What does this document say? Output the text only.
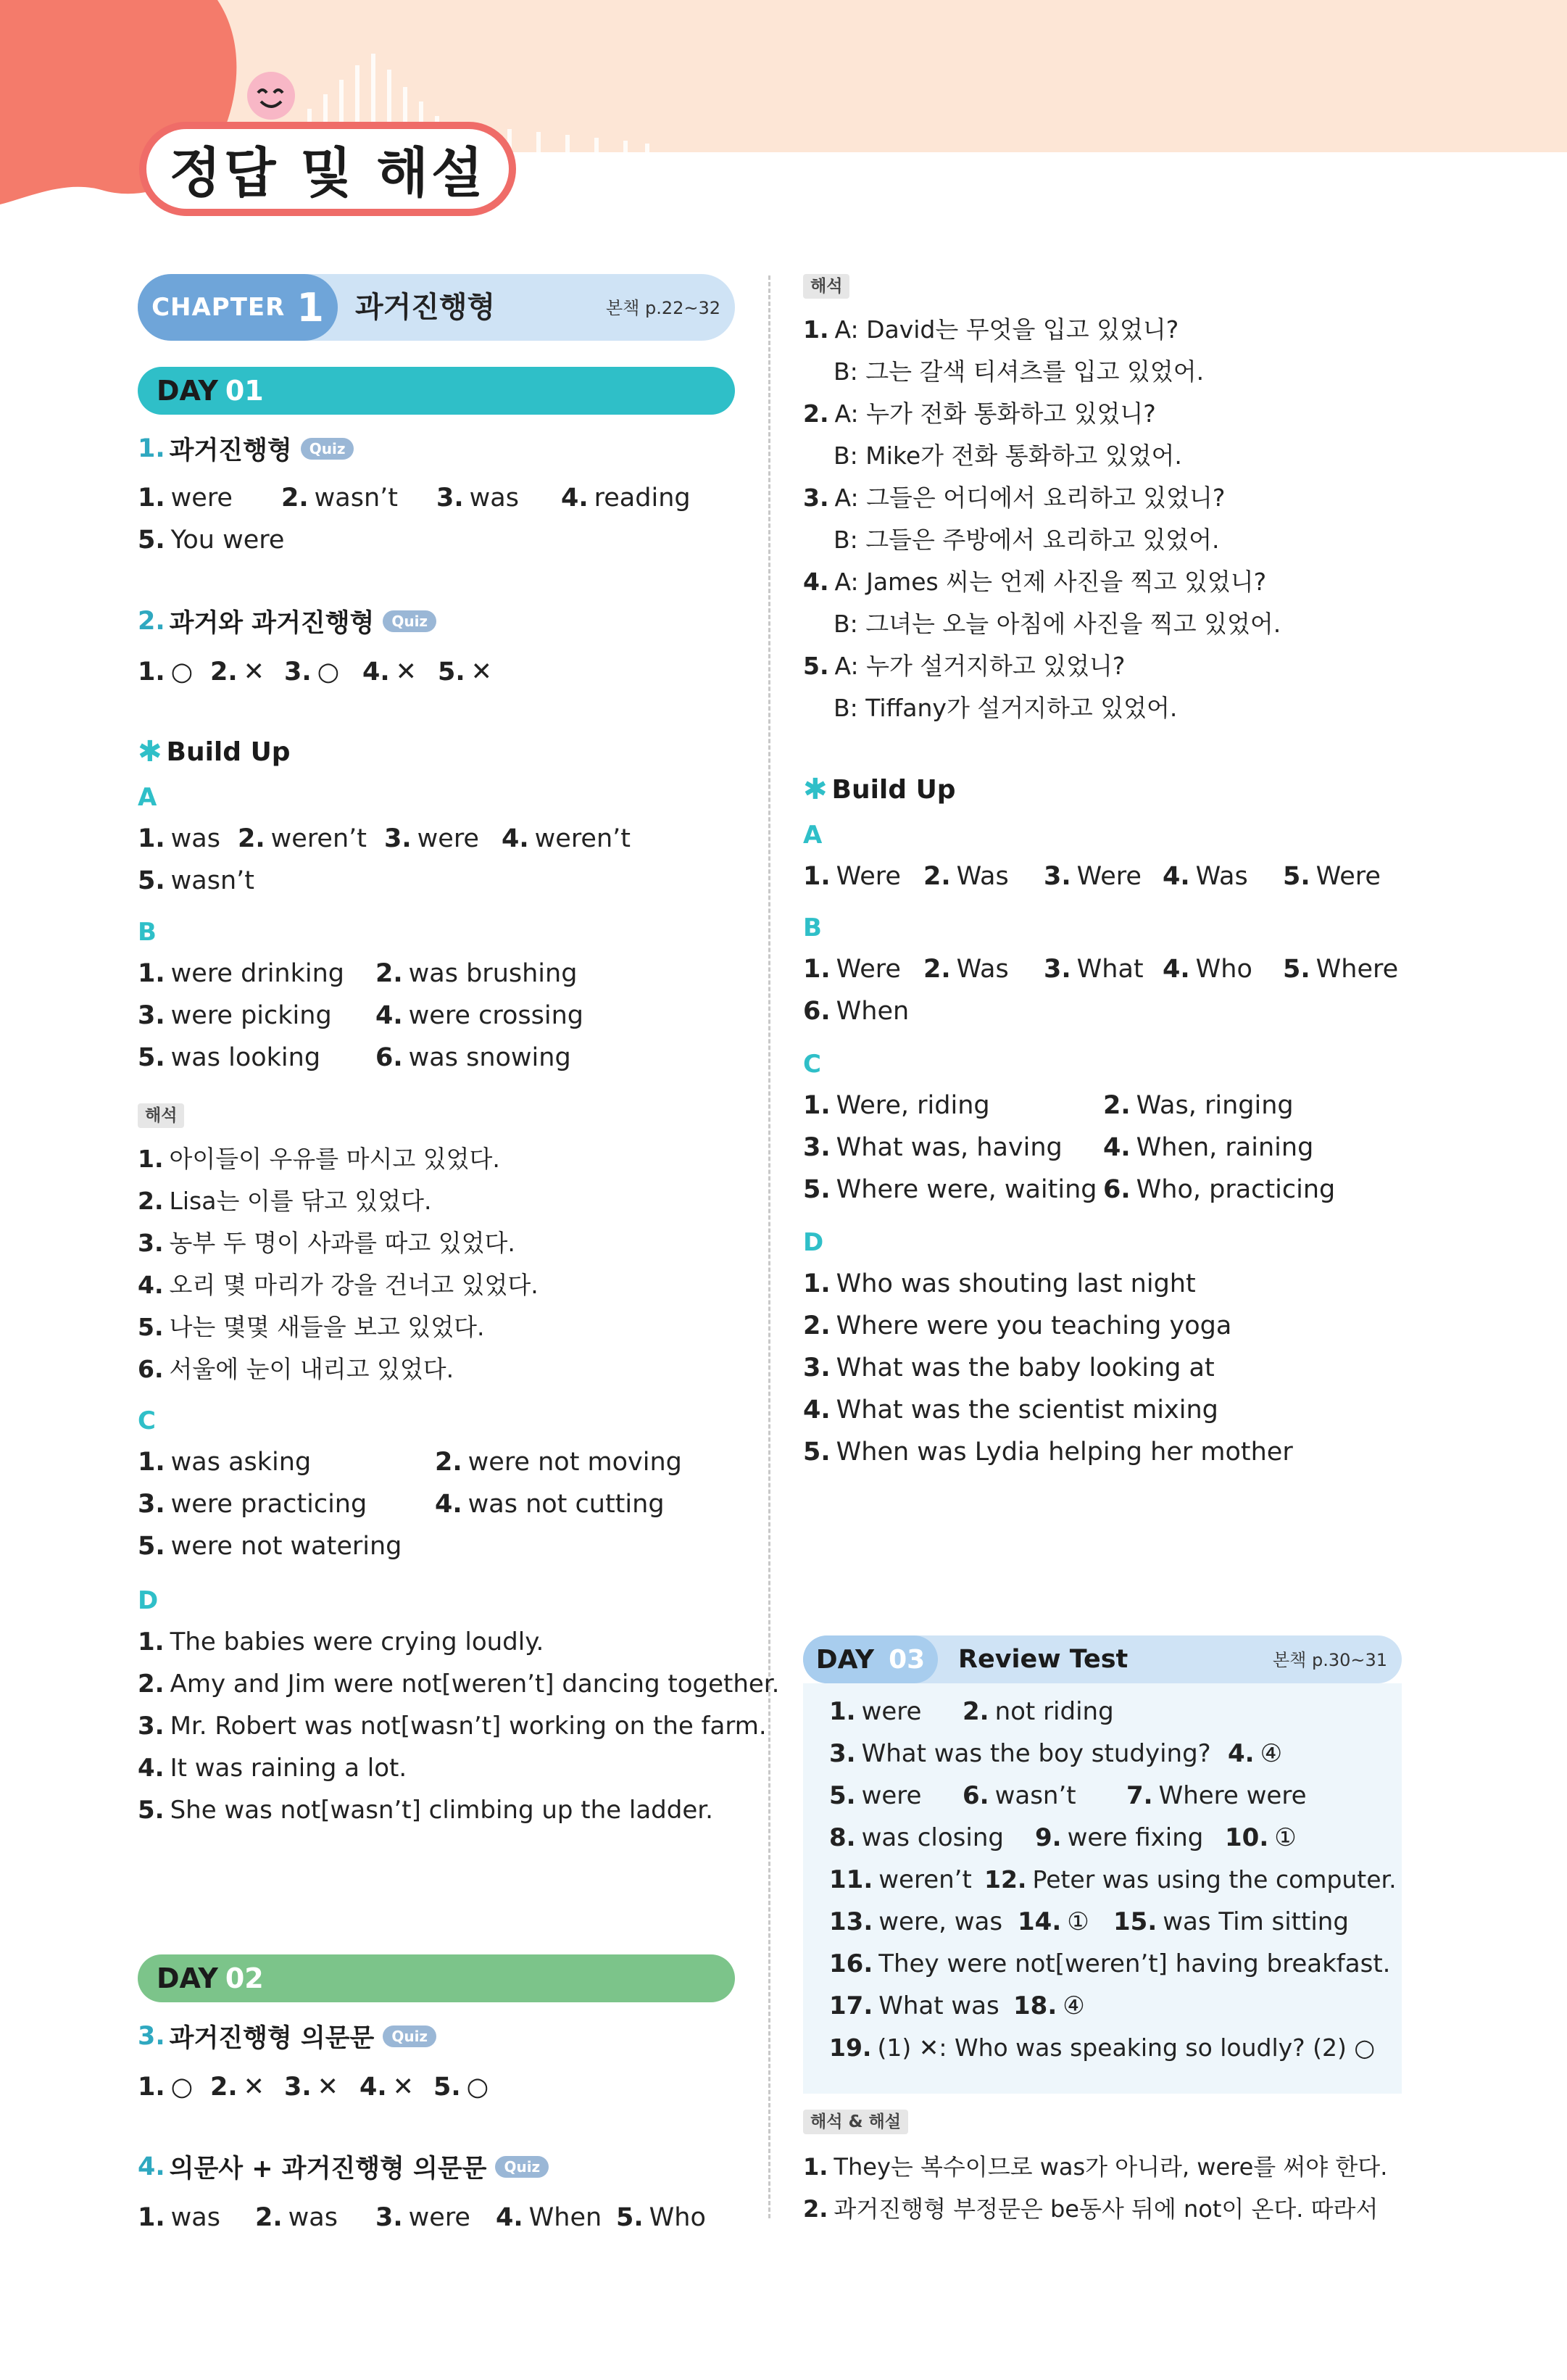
정답 및 해설
CHAPTER 1 과거진행형	본책 p.22~32
DAY 01
1. 과거진행형	Quiz
1. were 2. wasn’t 3. was 4. reading
5. You were
2. 과거와 과거진행형	Quiz
1. ○ 2. ✕ 3. ○ 4. ✕ 5. ✕
✱ Build Up
A
1. was 2. weren’t 3. were 4. weren’t
5. wasn’t
B
1. were drinking 2. was brushing
3. were picking 4. were crossing
5. was looking 6. was snowing
해석
1. 아이들이 우유를 마시고 있었다.
2. Lisa는 이를 닦고 있었다.
3. 농부 두 명이 사과를 따고 있었다.
4. 오리 몇 마리가 강을 건너고 있었다.
5. 나는 몇몇 새들을 보고 있었다.
6. 서울에 눈이 내리고 있었다.
C
1. was asking	2. were not moving
3. were practicing	4. was not cutting
5. were not watering
D
1. The babies were crying loudly.
2. Amy and Jim were not[weren’t] dancing together.
3. Mr. Robert was not[wasn’t] working on the farm.
4. It was raining a lot.
5. She was not[wasn’t] climbing up the ladder.
DAY 02
3. 과거진행형 의문문	Quiz
1. ○ 2. ✕ 3. ✕ 4. ✕ 5. ○
4. 의문사 + 과거진행형 의문문	Quiz
1. was 2. was 3. were 4. When 5. Who
해석
1. A: David는 무엇을 입고 있었니?
B: 그는 갈색 티셔츠를 입고 있었어.
2. A: 누가 전화 통화하고 있었니?
B: Mike가 전화 통화하고 있었어.
3. A: 그들은 어디에서 요리하고 있었니?
B: 그들은 주방에서 요리하고 있었어.
4. A: James 씨는 언제 사진을 찍고 있었니?
B: 그녀는 오늘 아침에 사진을 찍고 있었어.
5. A: 누가 설거지하고 있었니?
B: Tiffany가 설거지하고 있었어.
✱ Build Up
A
1. Were 2. Was 3. Were 4. Was 5. Were
B
1. Were 2. Was 3. What 4. Who 5. Where
6. When
C
1. Were, riding	2. Was, ringing
3. What was, having 4. When, raining
5. Where were, waiting 6. Who, practicing
D
1. Who was shouting last night
2. Where were you teaching yoga
3. What was the baby looking at
4. What was the scientist mixing
5. When was Lydia helping her mother
DAY 03 Review Test	본책 p.30~31
1. were 2. not riding
3. What was the boy studying? 4. ④
5. were 6. wasn’t 7. Where were
8. was closing 9. were fixing 10. ①
11. weren’t 12. Peter was using the computer.
13. were, was 14. ① 15. was Tim sitting
16. They were not[weren’t] having breakfast.
17. What was 18. ④
19. (1) ✕: Who was speaking so loudly? (2) ○
해석 & 해설
1. They는 복수이므로 was가 아니라, were를 써야 한다.
2. 과거진행형 부정문은 be동사 뒤에 not이 온다. 따라서
